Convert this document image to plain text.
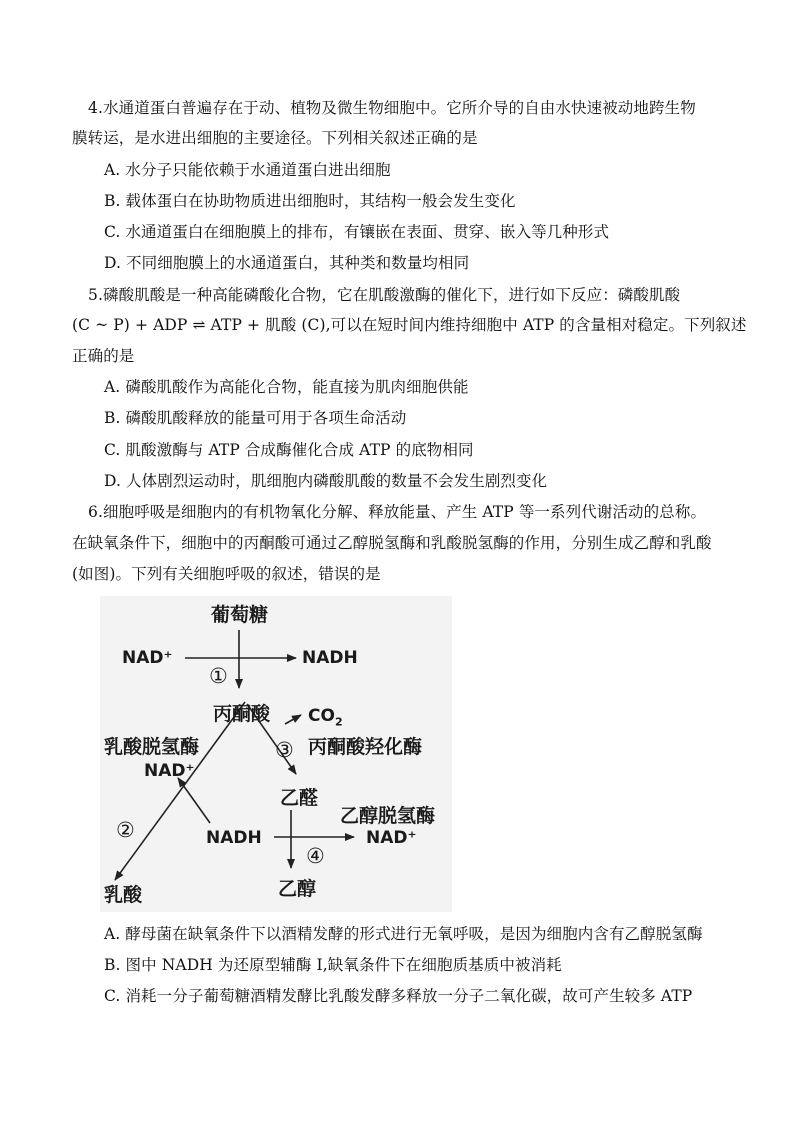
4.水通道蛋白普遍存在于动、植物及微生物细胞中。它所介导的自由水快速被动地跨生物
膜转运，是水进出细胞的主要途径。下列相关叙述正确的是
A. 水分子只能依赖于水通道蛋白进出细胞
B. 载体蛋白在协助物质进出细胞时，其结构一般会发生变化
C. 水通道蛋白在细胞膜上的排布，有镶嵌在表面、贯穿、嵌入等几种形式
D. 不同细胞膜上的水通道蛋白，其种类和数量均相同
5.磷酸肌酸是一种高能磷酸化合物，它在肌酸激酶的催化下，进行如下反应：磷酸肌酸
(C ~ P) + ADP ⇌ ATP + 肌酸 (C),可以在短时间内维持细胞中 ATP 的含量相对稳定。下列叙述
正确的是
A. 磷酸肌酸作为高能化合物，能直接为肌肉细胞供能
B. 磷酸肌酸释放的能量可用于各项生命活动
C. 肌酸激酶与 ATP 合成酶催化合成 ATP 的底物相同
D. 人体剧烈运动时，肌细胞内磷酸肌酸的数量不会发生剧烈变化
6.细胞呼吸是细胞内的有机物氧化分解、释放能量、产生 ATP 等一系列代谢活动的总称。
在缺氧条件下，细胞中的丙酮酸可通过乙醇脱氢酶和乳酸脱氢酶的作用，分别生成乙醇和乳酸
(如图)。下列有关细胞呼吸的叙述，错误的是
葡萄糖
NAD⁺	NADH
①
丙酮酸 $CO_2$
乳酸脱氢酶	③ 丙酮酸羟化酶
NAD⁺
乙醛
乙醇脱氢酶
②	NADH	NAD⁺
④
乳酸	乙醇
A. 酵母菌在缺氧条件下以酒精发酵的形式进行无氧呼吸，是因为细胞内含有乙醇脱氢酶
B. 图中 NADH 为还原型辅酶 I,缺氧条件下在细胞质基质中被消耗
C. 消耗一分子葡萄糖酒精发酵比乳酸发酵多释放一分子二氧化碳，故可产生较多 ATP
